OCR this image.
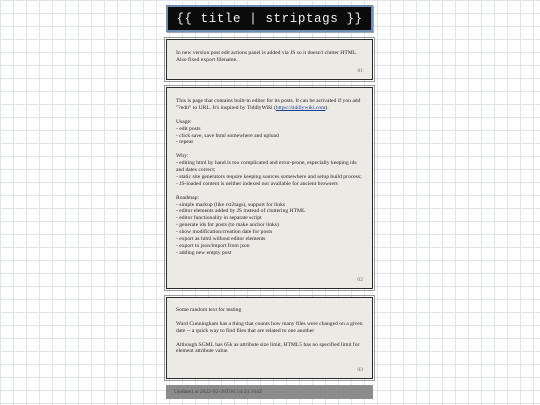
{{ title | striptags }}

In new version post edit actions panel is added via JS so it doesn't clutter HTML. Also fixed export filename.

01

This is page that contains built-in editor for its posts. It can be activated if you add "?edit" to URL. It's inspired by TiddlyWiki (https://tiddlywiki.com).

Usage:
- edit posts
- click save, save html somewhere and upload
- repeat

Why:
- editing html by hand is too complicated and error-prone, especially keeping ids and dates correct;
- static site generators require keeping sources somewhere and setup build process;
- JS-loaded content is neither indexed nor available for ancient browsers

Roadmap:
- simple markup (like txt2tags), support for links
- editor elements added by JS instead of cluttering HTML
- editor functionality in separate script
- generate ids for posts (to make anchor links)
- show modification/creation date for posts
- export as html without editor elements
- export to json/import from json
- adding new empty post

02

Some random text for testing

Ward Cunningham has a thing that counts how many files were changed on a given date -- a quick way to find files that are related to one another

Although SGML has 65k as attribute size limit, HTML5 has no specified limit for element attribute value.

03
Updated at 2022-02-28T06:14:23.164Z
